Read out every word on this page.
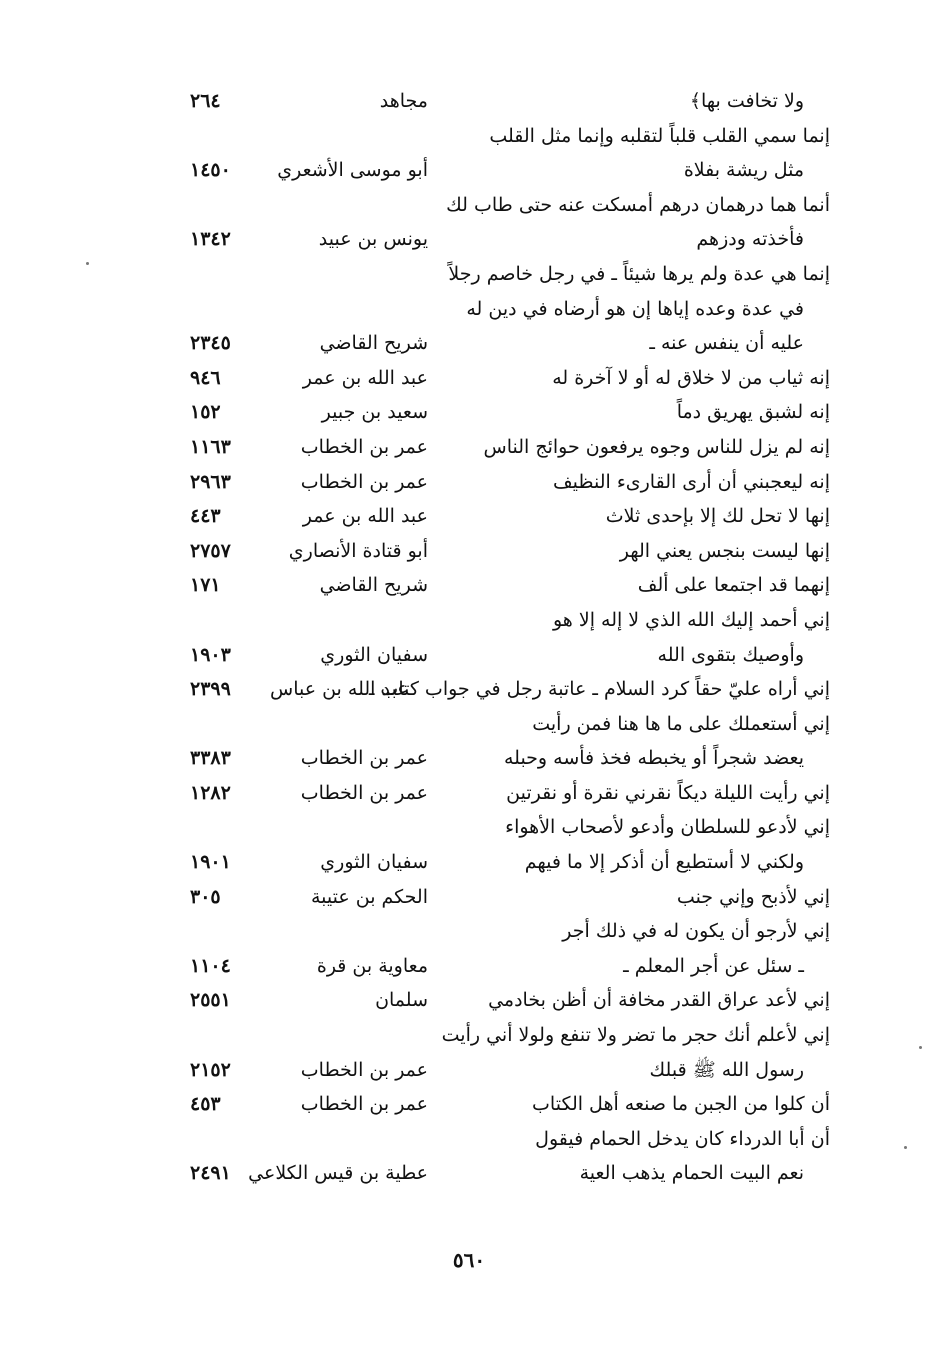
ولا تخافت بها﴾
مجاهد
٢٦٤
إنما سمي القلب قلباً لتقلبه وإنما مثل القلب
مثل ريشة بفلاة
أبو موسى الأشعري
١٤٥٠
أنما هما درهمان درهم أمسكت عنه حتى طاب لك
فأخذته ودزهم
يونس بن عبيد
١٣٤٢
إنما هي عدة ولم يرها شيئاً ـ في رجل خاصم رجلاً
في عدة وعده إياها إن هو أرضاه في دين له
عليه أن ينفس عنه ـ
شريح القاضي
٢٣٤٥
إنه ثياب من لا خلاق له أو لا آخرة له
عبد الله بن عمر
٩٤٦
إنه لشبق يهريق دماً
سعيد بن جبير
١٥٢
إنه لم يزل للناس وجوه يرفعون حوائج الناس
عمر بن الخطاب
١١٦٣
إنه ليعجبني أن أرى القارىء النظيف
عمر بن الخطاب
٢٩٦٣
إنها لا تحل لك إلا بإحدى ثلاث
عبد الله بن عمر
٤٤٣
إنها ليست بنجس يعني الهر
أبو قتادة الأنصاري
٢٧٥٧
إنهما قد اجتمعا على ألف
شريح القاضي
١٧١
إني أحمد إليك الله الذي لا إله إلا هو
وأوصيك بتقوى الله
سفيان الثوري
١٩٠٣
إني أراه عليّ حقاً كرد السلام ـ عاتبة رجل في جواب كتاب ـ
عبد الله بن عباس
٢٣٩٩
إني أستعملك على ما ها هنا فمن رأيت
يعضد شجراً أو يخبطه فخذ فأسه وحبله
عمر بن الخطاب
٣٣٨٣
إني رأيت الليلة ديكاً نقرني نقرة أو نقرتين
عمر بن الخطاب
١٢٨٢
إني لأدعو للسلطان وأدعو لأصحاب الأهواء
ولكني لا أستطيع أن أذكر إلا ما فيهم
سفيان الثوري
١٩٠١
إني لأذبح وإني جنب
الحكم بن عتيبة
٣٠٥
إني لأرجو أن يكون له في ذلك أجر
ـ سئل عن أجر المعلم ـ
معاوية بن قرة
١١٠٤
إني لأعد عراق القدر مخافة أن أظن بخادمي
سلمان
٢٥٥١
إني لأعلم أنك حجر ما تضر ولا تنفع ولولا أني رأيت
رسول الله ﷺ قبلك
عمر بن الخطاب
٢١٥٢
أن كلوا من الجبن ما صنعه أهل الكتاب
عمر بن الخطاب
٤٥٣
أن أبا الدرداء كان يدخل الحمام فيقول
نعم البيت الحمام يذهب العية
عطية بن قيس الكلاعي
٢٤٩١
٥٦٠
